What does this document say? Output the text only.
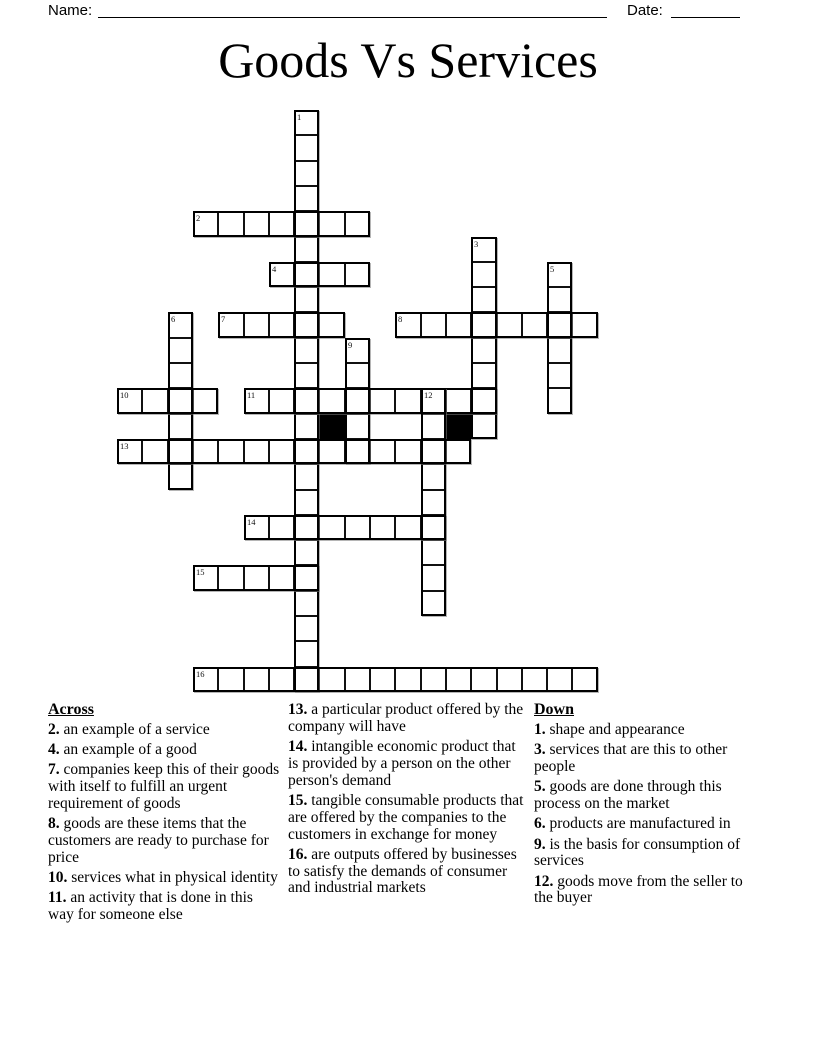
Name:	Date:
Goods Vs Services
1
2
3
4	5
6	7	8
9
10	11	12
13
14
15
16

Across

2. an example of a service

4. an example of a good

7. companies keep this of their goods with itself to fulfill an urgent requirement of goods

8. goods are these items that the customers are ready to purchase for price

10. services what in physical identity

11. an activity that is done in this way for someone else

13. a particular product offered by the company will have

14. intangible economic product that is provided by a person on the other person's demand

15. tangible consumable products that are offered by the companies to the customers in exchange for money

16. are outputs offered by businesses to satisfy the demands of consumer and industrial markets

Down

1. shape and appearance

3. services that are this to other people

5. goods are done through this process on the market

6. products are manufactured in

9. is the basis for consumption of services

12. goods move from the seller to the buyer
